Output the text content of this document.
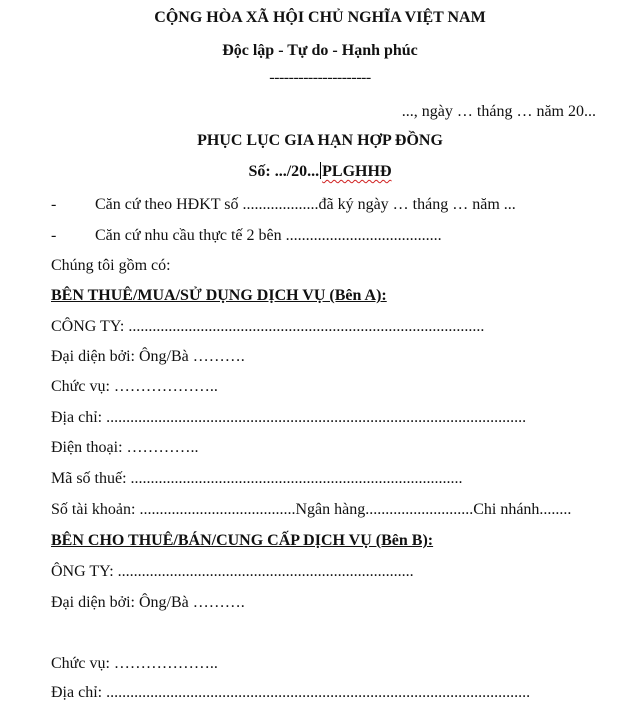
CỘNG HÒA XÃ HỘI CHỦ NGHĨA VIỆT NAM
Độc lập - Tự do - Hạnh phúc
---------------------
..., ngày … tháng … năm 20...
PHỤC LỤC GIA HẠN HỢP ĐỒNG
Số: .../20... PLGHHĐ
- Căn cứ theo HĐKT số ...................đã ký ngày … tháng … năm ...
- Căn cứ nhu cầu thực tế 2 bên .......................................
Chúng tôi gồm có:
BÊN THUÊ/MUA/SỬ DỤNG DỊCH VỤ (Bên A):
CÔNG TY: .........................................................................................
Đại diện bởi: Ông/Bà ……….
Chức vụ: ………………..
Địa chỉ: .........................................................................................................
Điện thoại: …………..
Mã số thuế: ...................................................................................
Số tài khoản: .......................................Ngân hàng...........................Chi nhánh........
BÊN CHO THUÊ/BÁN/CUNG CẤP DỊCH VỤ (Bên B):
ÔNG TY: ..........................................................................
Đại diện bởi: Ông/Bà ……….
Chức vụ: ………………..
Địa chỉ: ..........................................................................................................
